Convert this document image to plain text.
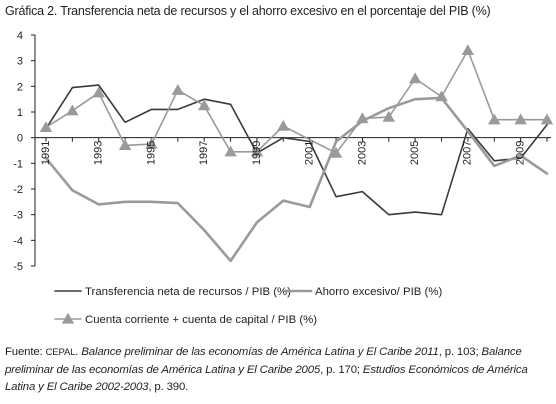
Gráfica 2. Transferencia neta de recursos y el ahorro excesivo en el porcentaje del PIB (%)
4
3
2
1
0
-1
-2
-3
-4
-5
1991	1993	1995	1997	1999	2001	2003	2005	2007	2009
Transferencia neta de recursos / PIB (%) Ahorro excesivo/ PIB (%)
Cuenta corriente + cuenta de capital / PIB (%)
Fuente: CEPAL. Balance preliminar de las economías de América Latina y El Caribe 2011, p. 103; Balance preliminar de las economías de América Latina y El Caribe 2005, p. 170; Estudios Económicos de América Latina y El Caribe 2002-2003, p. 390.
